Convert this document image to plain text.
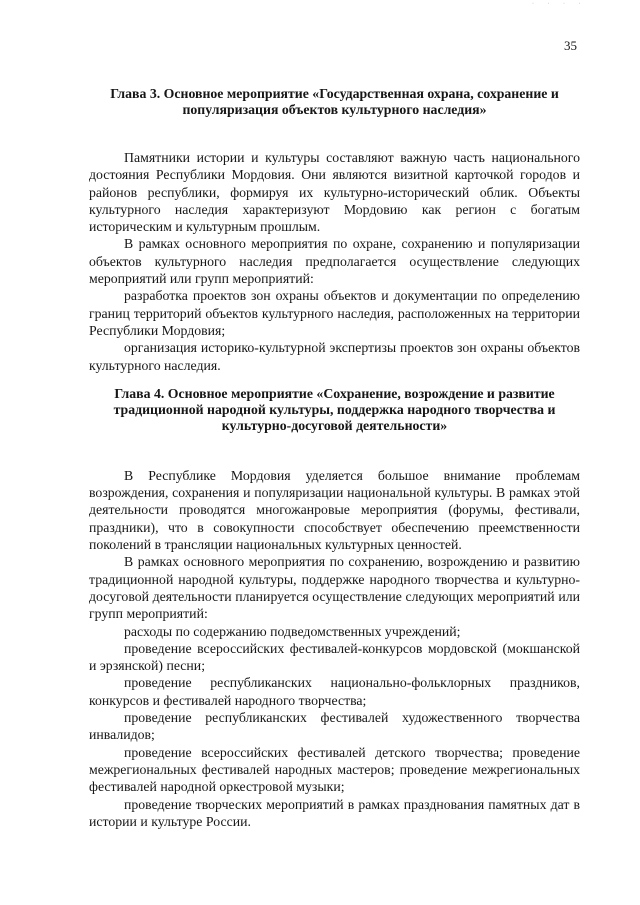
· · · ·
35
Глава 3. Основное мероприятие «Государственная охрана, сохранение и популяризация объектов культурного наследия»

Памятники истории и культуры составляют важную часть национального достояния Республики Мордовия. Они являются визитной карточкой городов и районов республики, формируя их культурно-исторический облик. Объекты культурного наследия характеризуют Мордовию как регион с богатым историческим и культурным прошлым.

В рамках основного мероприятия по охране, сохранению и популяризации объектов культурного наследия предполагается осуществление следующих мероприятий или групп мероприятий:

разработка проектов зон охраны объектов и документации по определению границ территорий объектов культурного наследия, расположенных на территории Республики Мордовия;

организация историко-культурной экспертизы проектов зон охраны объектов культурного наследия.

Глава 4. Основное мероприятие «Сохранение, возрождение и развитие традиционной народной культуры, поддержка народного творчества и культурно-досуговой деятельности»

В Республике Мордовия уделяется большое внимание проблемам возрождения, сохранения и популяризации национальной культуры. В рамках этой деятельности проводятся многожанровые мероприятия (форумы, фестивали, праздники), что в совокупности способствует обеспечению преемственности поколений в трансляции национальных культурных ценностей.

В рамках основного мероприятия по сохранению, возрождению и развитию традиционной народной культуры, поддержке народного творчества и культурно-досуговой деятельности планируется осуществление следующих мероприятий или групп мероприятий:

расходы по содержанию подведомственных учреждений;

проведение всероссийских фестивалей-конкурсов мордовской (мокшанской и эрзянской) песни;

проведение республиканских национально-фольклорных праздников, конкурсов и фестивалей народного творчества;

проведение республиканских фестивалей художественного творчества инвалидов;

проведение всероссийских фестивалей детского творчества; проведение межрегиональных фестивалей народных мастеров; проведение межрегиональных фестивалей народной оркестровой музыки;

проведение творческих мероприятий в рамках празднования памятных дат в истории и культуре России.
